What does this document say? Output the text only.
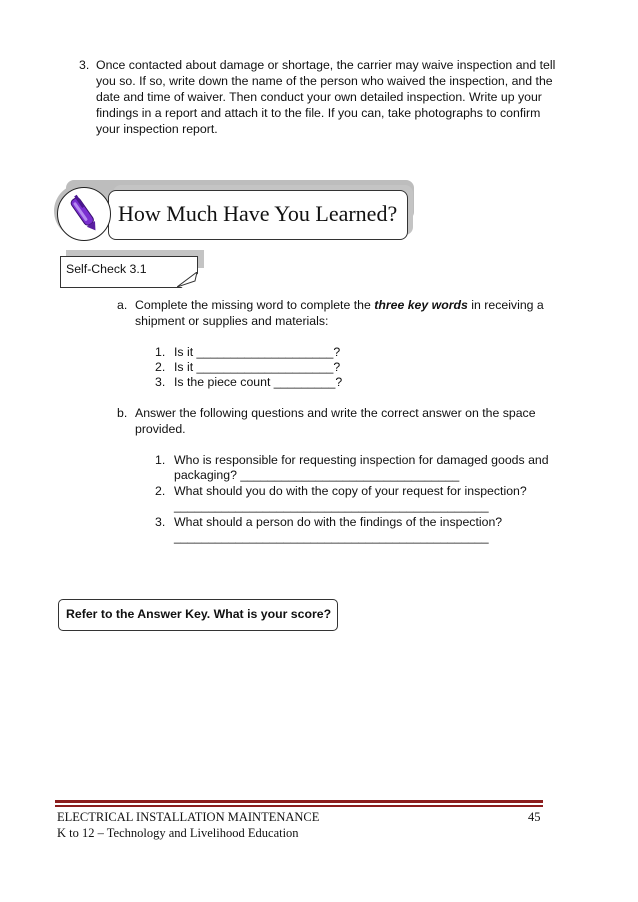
3. Once contacted about damage or shortage, the carrier may waive inspection and tell
you so. If so, write down the name of the person who waived the inspection, and the
date and time of waiver. Then conduct your own detailed inspection. Write up your
findings in a report and attach it to the file. If you can, take photographs to confirm
your inspection report.
How Much Have You Learned?
Self-Check 3.1
a. Complete the missing word to complete the three key words in receiving a
shipment or supplies and materials:
1. Is it ____________________?
2. Is it ____________________?
3. Is the piece count _________?
b. Answer the following questions and write the correct answer on the space
provided.
1. Who is responsible for requesting inspection for damaged goods and
packaging? ________________________________
2. What should you do with the copy of your request for inspection?
______________________________________________
3. What should a person do with the findings of the inspection?
______________________________________________
Refer to the Answer Key. What is your score?
ELECTRICAL INSTALLATION MAINTENANCE
K to 12 – Technology and Livelihood Education
45
